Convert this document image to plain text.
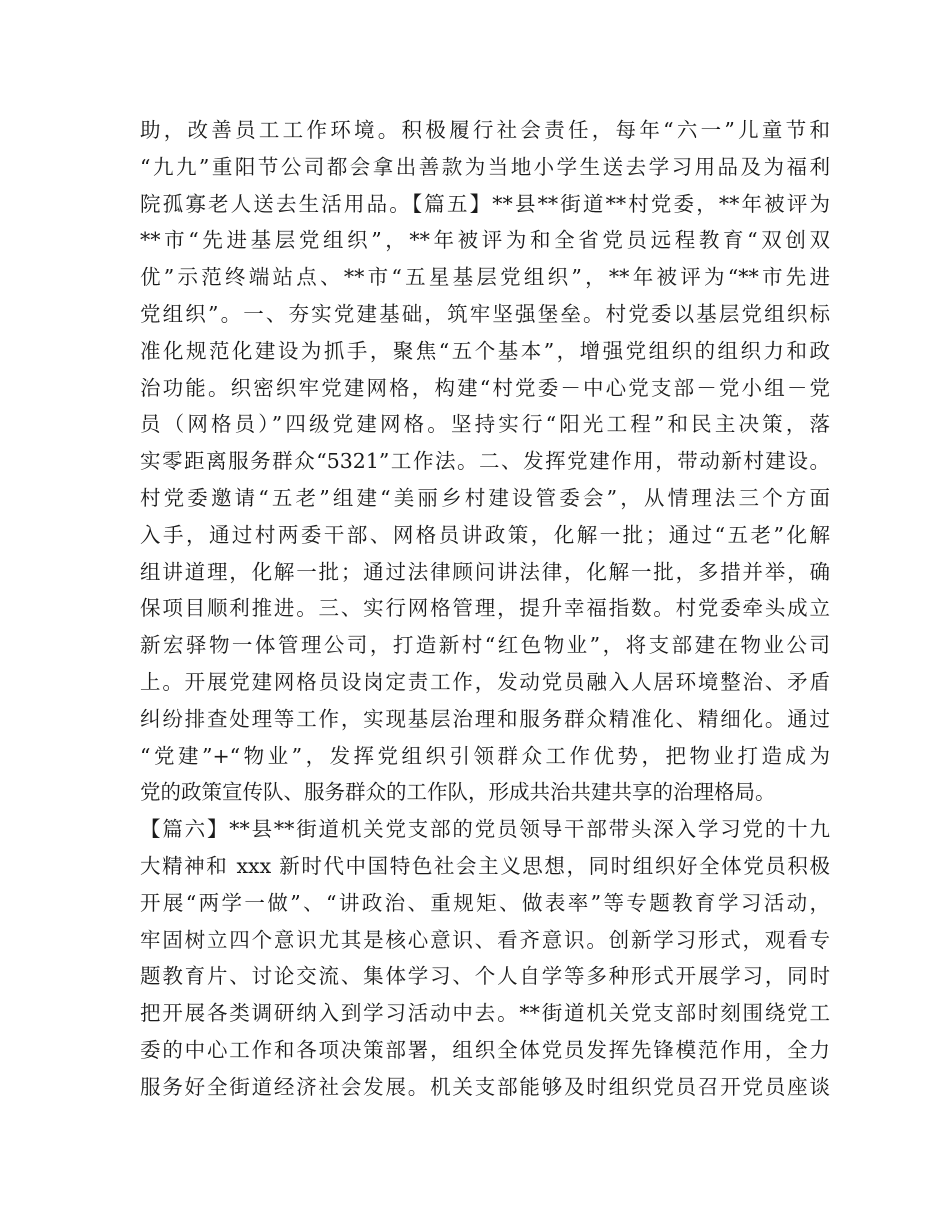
助，改善员工工作环境。积极履行社会责任，每年“六一”儿童节和
“九九”重阳节公司都会拿出善款为当地小学生送去学习用品及为福利
院孤寡老人送去生活用品。【篇五】**县**街道**村党委，**年被评为
**市“先进基层党组织”，**年被评为和全省党员远程教育“双创双
优”示范终端站点、**市“五星基层党组织”，**年被评为“**市先进
党组织”。一、夯实党建基础，筑牢坚强堡垒。村党委以基层党组织标
准化规范化建设为抓手，聚焦“五个基本”，增强党组织的组织力和政
治功能。织密织牢党建网格，构建“村党委－中心党支部－党小组－党
员（网格员）”四级党建网格。坚持实行“阳光工程”和民主决策，落
实零距离服务群众“5321”工作法。二、发挥党建作用，带动新村建设。
村党委邀请“五老”组建“美丽乡村建设管委会”，从情理法三个方面
入手，通过村两委干部、网格员讲政策，化解一批；通过“五老”化解
组讲道理，化解一批；通过法律顾问讲法律，化解一批，多措并举，确
保项目顺利推进。三、实行网格管理，提升幸福指数。村党委牵头成立
新宏驿物一体管理公司，打造新村“红色物业”，将支部建在物业公司
上。开展党建网格员设岗定责工作，发动党员融入人居环境整治、矛盾
纠纷排查处理等工作，实现基层治理和服务群众精准化、精细化。通过
“党建”+“物业”，发挥党组织引领群众工作优势，把物业打造成为
党的政策宣传队、服务群众的工作队，形成共治共建共享的治理格局。
【篇六】**县**街道机关党支部的党员领导干部带头深入学习党的十九
大精神和 xxx 新时代中国特色社会主义思想，同时组织好全体党员积极
开展“两学一做”、“讲政治、重规矩、做表率”等专题教育学习活动，
牢固树立四个意识尤其是核心意识、看齐意识。创新学习形式，观看专
题教育片、讨论交流、集体学习、个人自学等多种形式开展学习，同时
把开展各类调研纳入到学习活动中去。**街道机关党支部时刻围绕党工
委的中心工作和各项决策部署，组织全体党员发挥先锋模范作用，全力
服务好全街道经济社会发展。机关支部能够及时组织党员召开党员座谈
